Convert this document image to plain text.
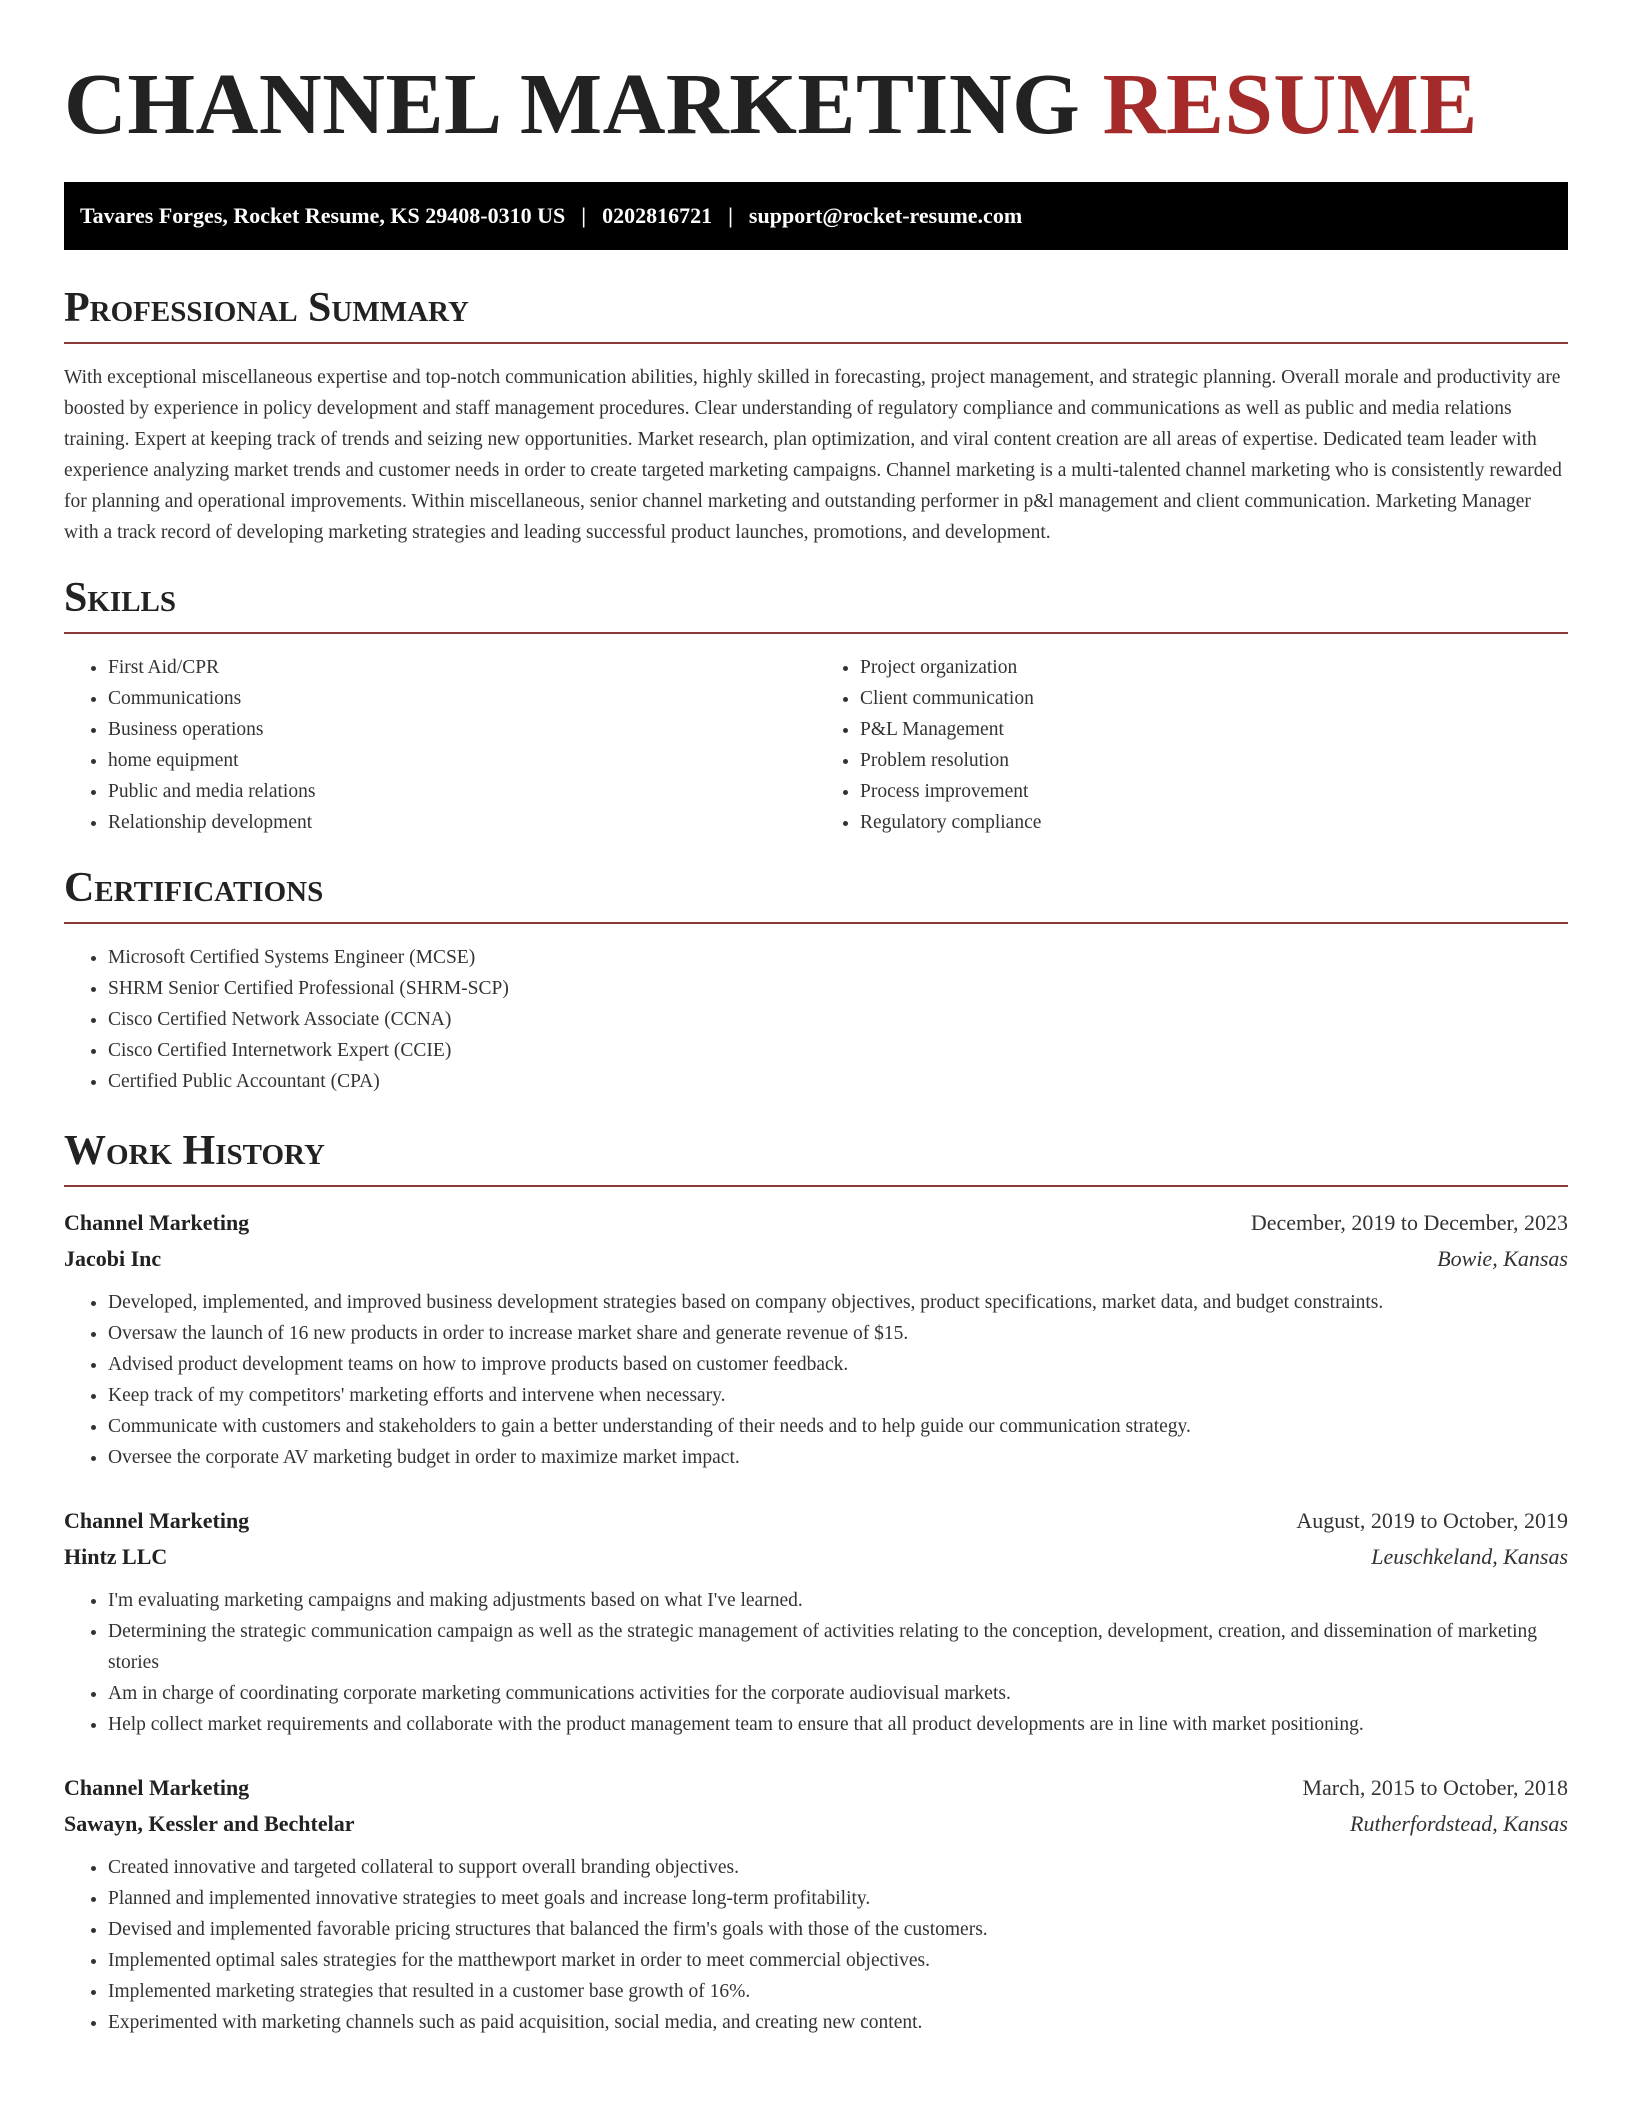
CHANNEL MARKETING RESUME
Tavares Forges, Rocket Resume, KS 29408-0310 US | 0202816721 | support@rocket-resume.com
Professional Summary

With exceptional miscellaneous expertise and top-notch communication abilities, highly skilled in forecasting, project management, and strategic planning. Overall morale and productivity are boosted by experience in policy development and staff management procedures. Clear understanding of regulatory compliance and communications as well as public and media relations training. Expert at keeping track of trends and seizing new opportunities. Market research, plan optimization, and viral content creation are all areas of expertise. Dedicated team leader with experience analyzing market trends and customer needs in order to create targeted marketing campaigns. Channel marketing is a multi-talented channel marketing who is consistently rewarded for planning and operational improvements. Within miscellaneous, senior channel marketing and outstanding performer in p&l management and client communication. Marketing Manager with a track record of developing marketing strategies and leading successful product launches, promotions, and development.

Skills
• First Aid/CPR
• Communications
• Business operations
• home equipment
• Public and media relations
• Relationship development
• Project organization
• Client communication
• P&L Management
• Problem resolution
• Process improvement
• Regulatory compliance
Certifications
• Microsoft Certified Systems Engineer (MCSE)
• SHRM Senior Certified Professional (SHRM-SCP)
• Cisco Certified Network Associate (CCNA)
• Cisco Certified Internetwork Expert (CCIE)
• Certified Public Accountant (CPA)
Work History
Channel Marketing	December, 2019 to December, 2023
Jacobi Inc	Bowie, Kansas
• Developed, implemented, and improved business development strategies based on company objectives, product specifications, market data, and budget constraints.
• Oversaw the launch of 16 new products in order to increase market share and generate revenue of $15.
• Advised product development teams on how to improve products based on customer feedback.
• Keep track of my competitors' marketing efforts and intervene when necessary.
• Communicate with customers and stakeholders to gain a better understanding of their needs and to help guide our communication strategy.
• Oversee the corporate AV marketing budget in order to maximize market impact.
Channel Marketing	August, 2019 to October, 2019
Hintz LLC	Leuschkeland, Kansas
• I'm evaluating marketing campaigns and making adjustments based on what I've learned.
• Determining the strategic communication campaign as well as the strategic management of activities relating to the conception, development, creation, and dissemination of marketing stories
• Am in charge of coordinating corporate marketing communications activities for the corporate audiovisual markets.
• Help collect market requirements and collaborate with the product management team to ensure that all product developments are in line with market positioning.
Channel Marketing	March, 2015 to October, 2018
Sawayn, Kessler and Bechtelar	Rutherfordstead, Kansas
• Created innovative and targeted collateral to support overall branding objectives.
• Planned and implemented innovative strategies to meet goals and increase long-term profitability.
• Devised and implemented favorable pricing structures that balanced the firm's goals with those of the customers.
• Implemented optimal sales strategies for the matthewport market in order to meet commercial objectives.
• Implemented marketing strategies that resulted in a customer base growth of 16%.
• Experimented with marketing channels such as paid acquisition, social media, and creating new content.
